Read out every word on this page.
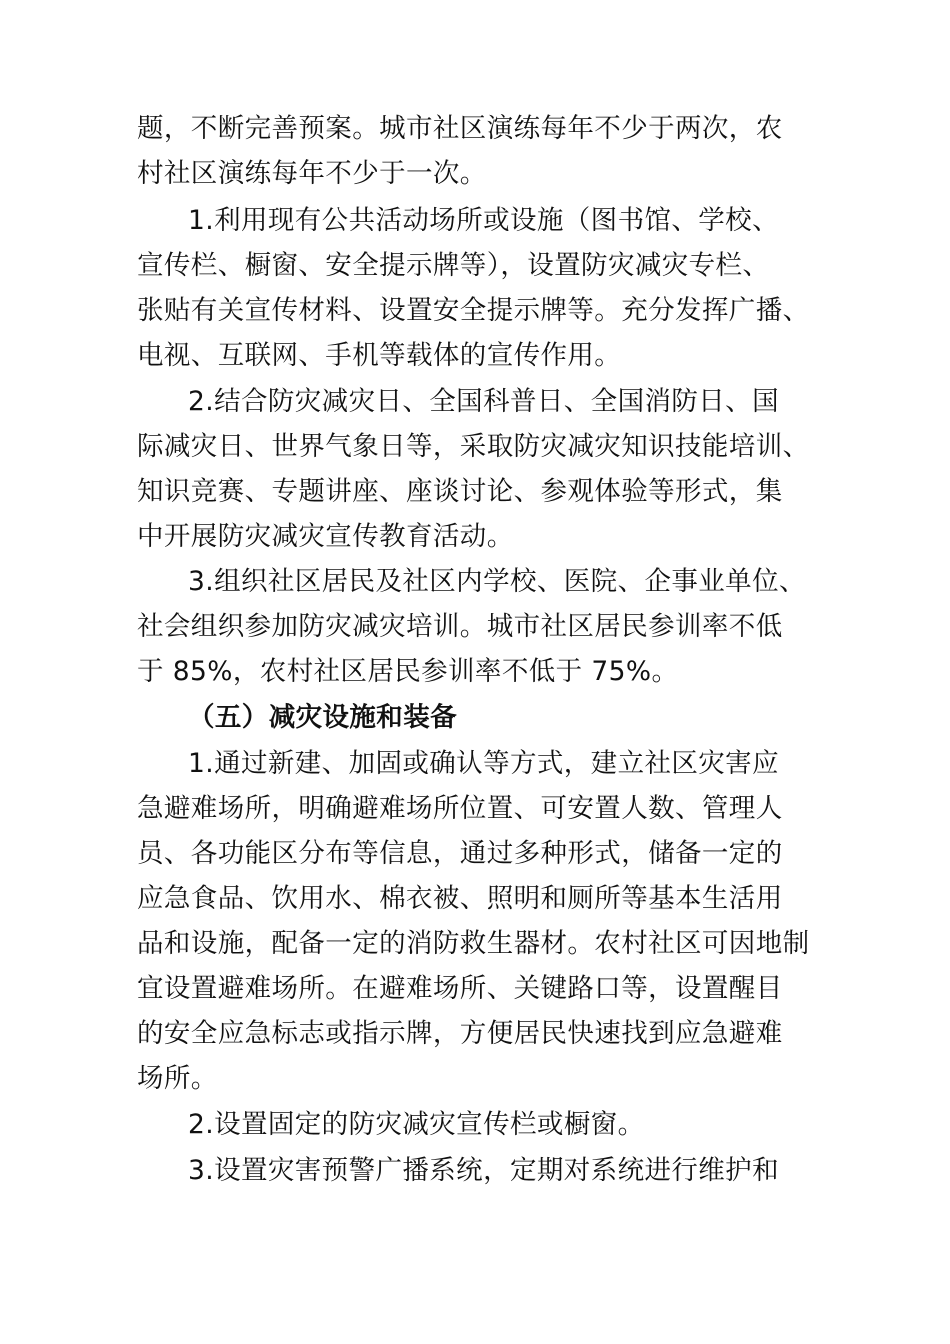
题，不断完善预案。城市社区演练每年不少于两次，农
村社区演练每年不少于一次。
1.利用现有公共活动场所或设施（图书馆、学校、
宣传栏、橱窗、安全提示牌等），设置防灾减灾专栏、
张贴有关宣传材料、设置安全提示牌等。充分发挥广播、
电视、互联网、手机等载体的宣传作用。
2.结合防灾减灾日、全国科普日、全国消防日、国
际减灾日、世界气象日等，采取防灾减灾知识技能培训、
知识竞赛、专题讲座、座谈讨论、参观体验等形式，集
中开展防灾减灾宣传教育活动。
3.组织社区居民及社区内学校、医院、企事业单位、
社会组织参加防灾减灾培训。城市社区居民参训率不低
于 85%，农村社区居民参训率不低于 75%。
（五）减灾设施和装备
1.通过新建、加固或确认等方式，建立社区灾害应
急避难场所，明确避难场所位置、可安置人数、管理人
员、各功能区分布等信息，通过多种形式，储备一定的
应急食品、饮用水、棉衣被、照明和厕所等基本生活用
品和设施，配备一定的消防救生器材。农村社区可因地制
宜设置避难场所。在避难场所、关键路口等，设置醒目
的安全应急标志或指示牌，方便居民快速找到应急避难
场所。
2.设置固定的防灾减灾宣传栏或橱窗。
3.设置灾害预警广播系统，定期对系统进行维护和
